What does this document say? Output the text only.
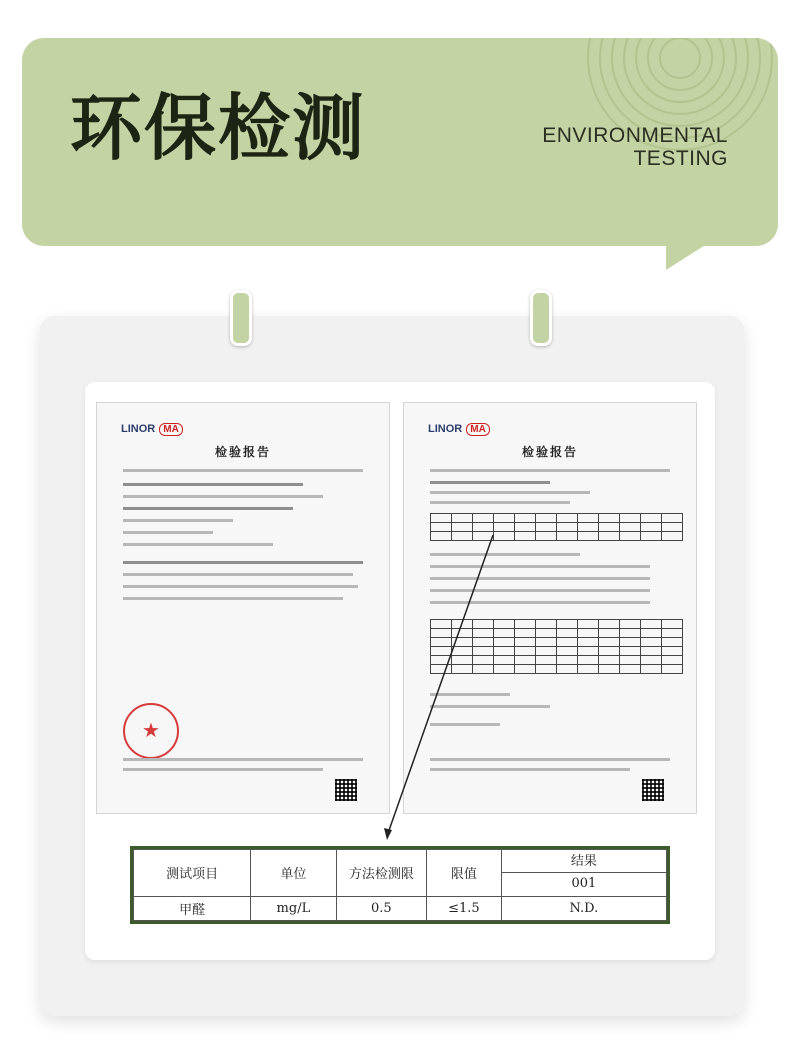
环保检测	ENVIRONMENTAL
TESTING
LINOR MA
检验报告
★
LINOR MA
检验报告

测试项目	单位	方法检测限	限值	结果
001

甲醛	mg/L	0.5	≤1.5	N.D.
